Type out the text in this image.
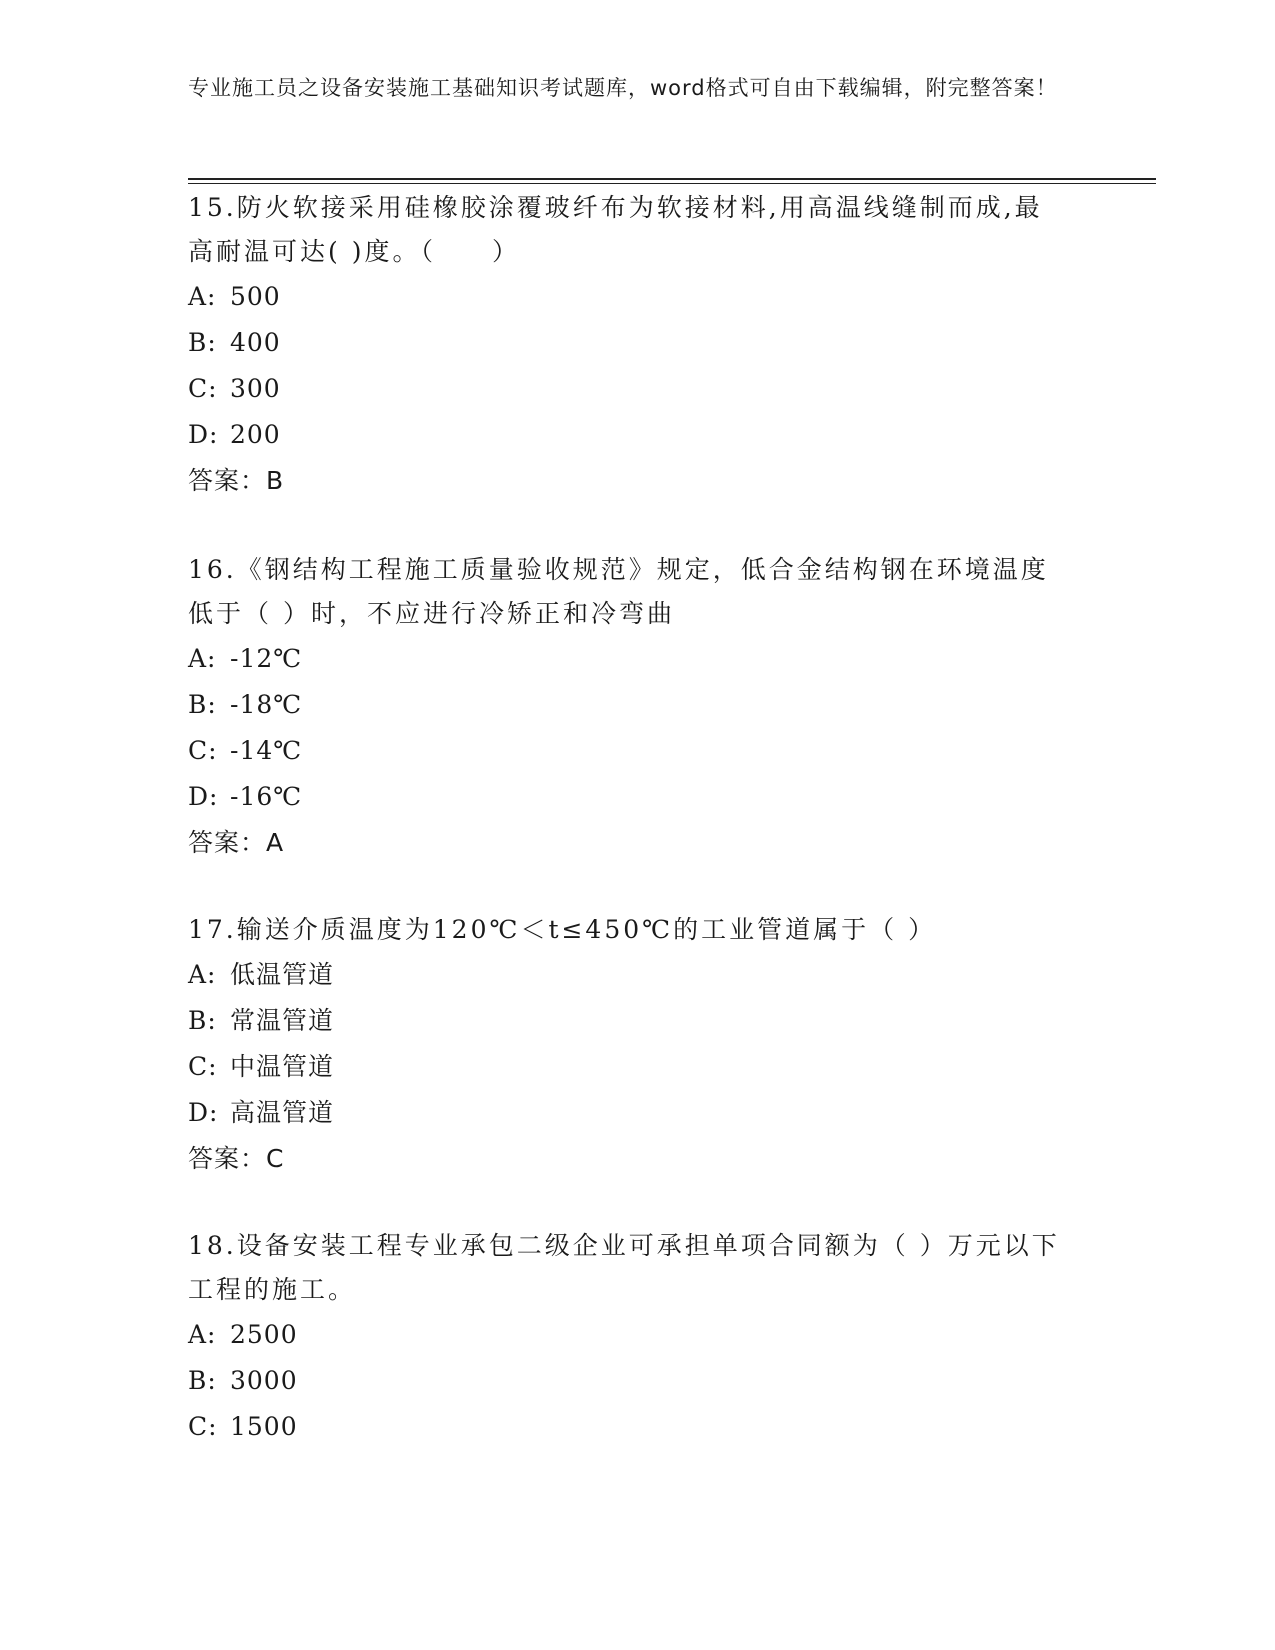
专业施工员之设备安装施工基础知识考试题库，word格式可自由下载编辑，附完整答案！
15.防火软接采用硅橡胶涂覆玻纤布为软接材料,用高温线缝制而成,最高耐温可达( )度。（　　）
A: 500
B: 400
C: 300
D: 200
答案：B
16.《钢结构工程施工质量验收规范》规定，低合金结构钢在环境温度低于（ ）时，不应进行冷矫正和冷弯曲
A: -12℃
B: -18℃
C: -14℃
D: -16℃
答案：A
17.输送介质温度为120℃＜t≤450℃的工业管道属于（ ）
A: 低温管道
B: 常温管道
C: 中温管道
D: 高温管道
答案：C
18.设备安装工程专业承包二级企业可承担单项合同额为（ ）万元以下工程的施工。
A: 2500
B: 3000
C: 1500
